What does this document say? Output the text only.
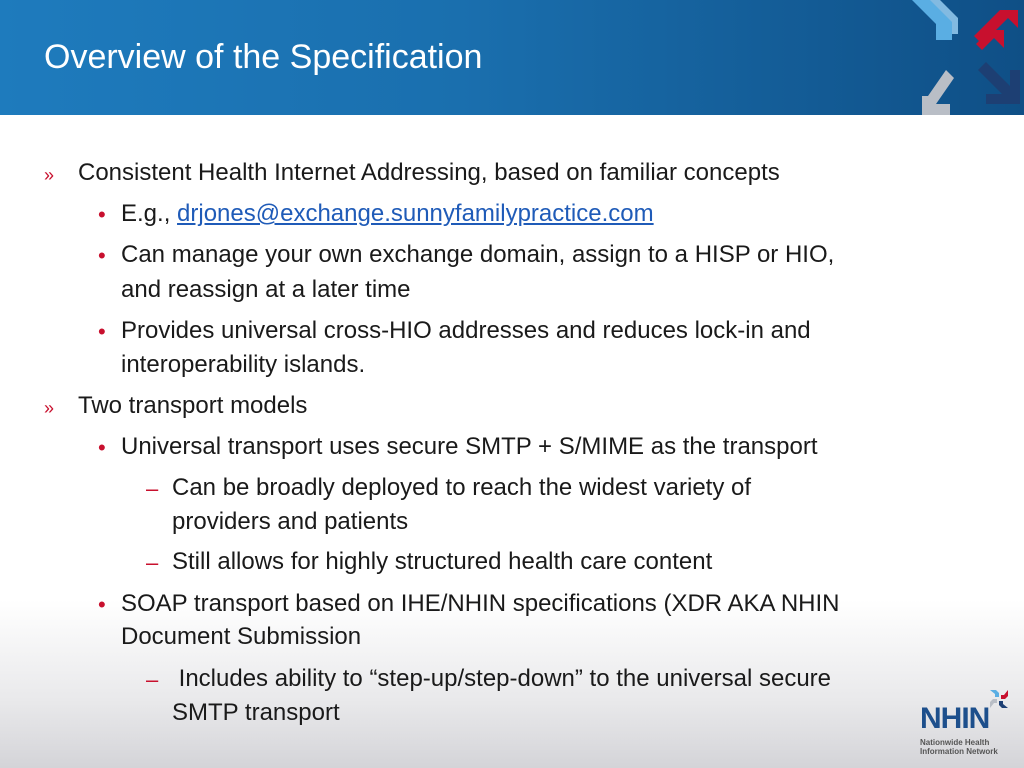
Overview of the Specification
» Consistent Health Internet Addressing, based on familiar concepts
• E.g., drjones@exchange.sunnyfamilypractice.com
• Can manage your own exchange domain, assign to a HISP or HIO,
and reassign at a later time
• Provides universal cross-HIO addresses and reduces lock-in and
interoperability islands.
» Two transport models
• Universal transport uses secure SMTP + S/MIME as the transport
– Can be broadly deployed to reach the widest variety of
providers and patients
– Still allows for highly structured health care content
• SOAP transport based on IHE/NHIN specifications (XDR AKA NHIN
Document Submission
– Includes ability to “step-up/step-down” to the universal secure
SMTP transport	NHIN
Nationwide Health
Information Network
